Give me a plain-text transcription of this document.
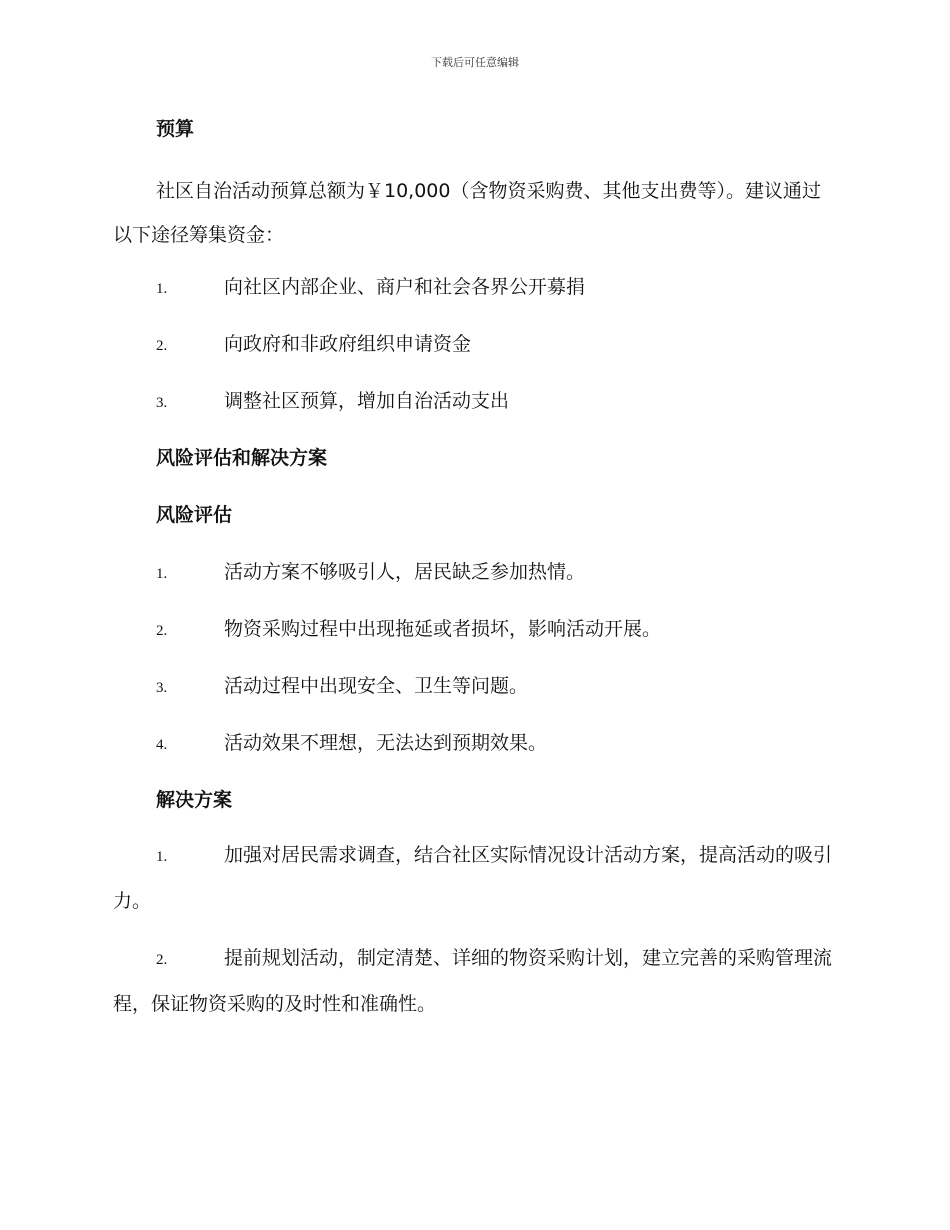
下载后可任意编辑
预算

社区自治活动预算总额为￥10,000（含物资采购费、其他支出费等）。建议通过以下途径筹集资金：

1.	向社区内部企业、商户和社会各界公开募捐
2.	向政府和非政府组织申请资金
3.	调整社区预算，增加自治活动支出
风险评估和解决方案
风险评估
1.	活动方案不够吸引人，居民缺乏参加热情。
2.	物资采购过程中出现拖延或者损坏，影响活动开展。
3.	活动过程中出现安全、卫生等问题。
4.	活动效果不理想，无法达到预期效果。
解决方案

1.	加强对居民需求调查，结合社区实际情况设计活动方案，提高活动的吸引力。

2.	提前规划活动，制定清楚、详细的物资采购计划，建立完善的采购管理流程，保证物资采购的及时性和准确性。
